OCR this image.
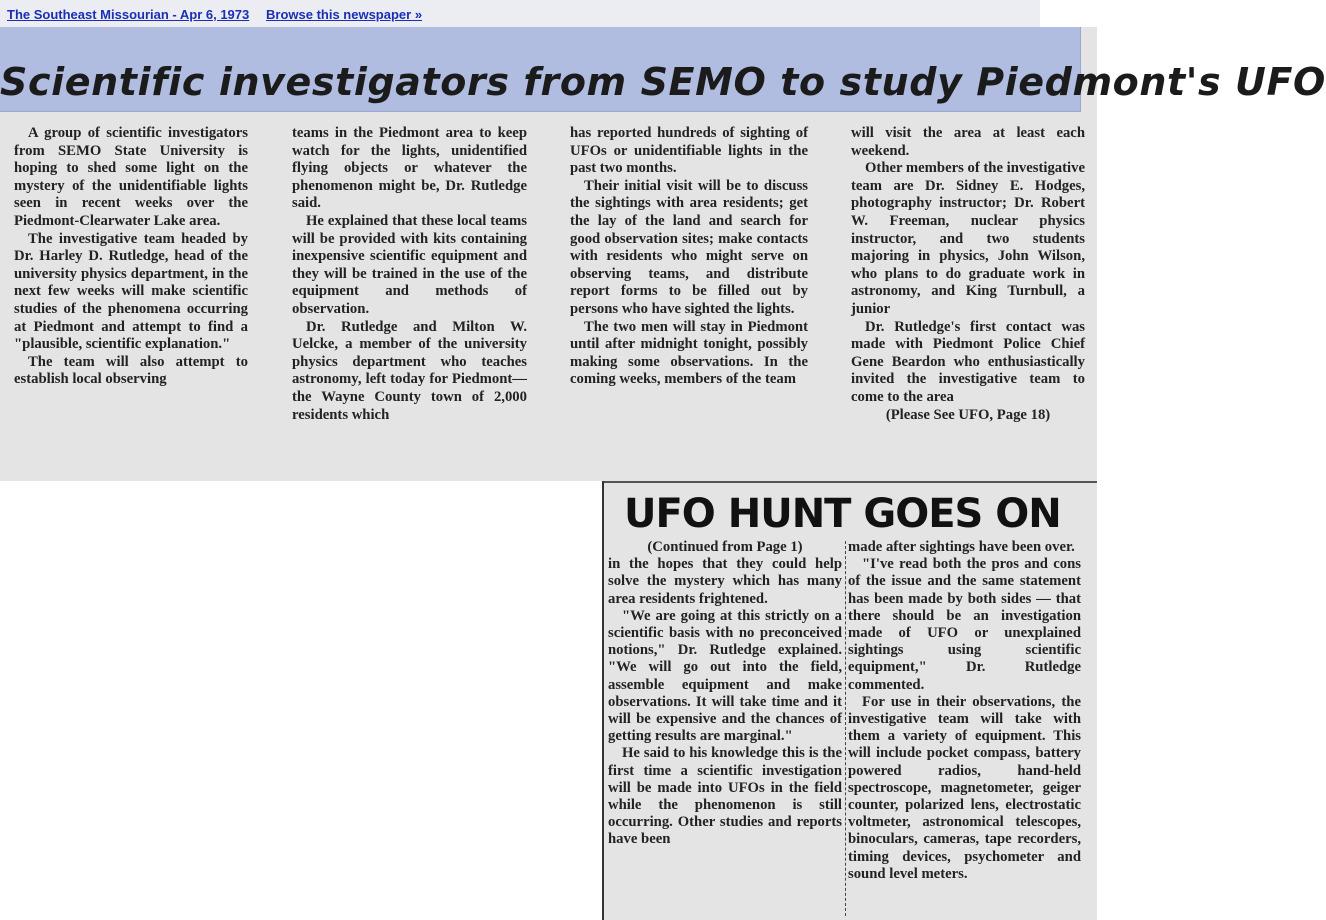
The Southeast Missourian - Apr 6, 1973 Browse this newspaper »
Scientific investigators from SEMO to study Piedmont's UFO

A group of scientific investigators from SEMO State University is hoping to shed some light on the mystery of the unidentifiable lights seen in recent weeks over the Piedmont-Clearwater Lake area.

The investigative team headed by Dr. Harley D. Rutledge, head of the university physics department, in the next few weeks will make scientific studies of the phenomena occurring at Piedmont and attempt to find a "plausible, scientific explanation."

The team will also attempt to establish local observing

teams in the Piedmont area to keep watch for the lights, unidentified flying objects or whatever the phenomenon might be, Dr. Rutledge said.

He explained that these local teams will be provided with kits containing inexpensive scientific equipment and they will be trained in the use of the equipment and methods of observation.

Dr. Rutledge and Milton W. Uelcke, a member of the university physics department who teaches astronomy, left today for Piedmont—the Wayne County town of 2,000 residents which

has reported hundreds of sighting of UFOs or unidentifiable lights in the past two months.

Their initial visit will be to discuss the sightings with area residents; get the lay of the land and search for good observation sites; make contacts with residents who might serve on observing teams, and distribute report forms to be filled out by persons who have sighted the lights.

The two men will stay in Piedmont until after midnight tonight, possibly making some observations. In the coming weeks, members of the team

will visit the area at least each weekend.

Other members of the investigative team are Dr. Sidney E. Hodges, photography instructor; Dr. Robert W. Freeman, nuclear physics instructor, and two students majoring in physics, John Wilson, who plans to do graduate work in astronomy, and King Turnbull, a junior

Dr. Rutledge's first contact was made with Piedmont Police Chief Gene Beardon who enthusiastically invited the investigative team to come to the area

(Please See UFO, Page 18)

UFO HUNT GOES ON

(Continued from Page 1)

in the hopes that they could help solve the mystery which has many area residents frightened.

"We are going at this strictly on a scientific basis with no preconceived notions," Dr. Rutledge explained. "We will go out into the field, assemble equipment and make observations. It will take time and it will be expensive and the chances of getting results are marginal."

He said to his knowledge this is the first time a scientific investigation will be made into UFOs in the field while the phenomenon is still occurring. Other studies and reports have been

made after sightings have been over.

"I've read both the pros and cons of the issue and the same statement has been made by both sides — that there should be an investigation made of UFO or unexplained sightings using scientific equipment," Dr. Rutledge commented.

For use in their observations, the investigative team will take with them a variety of equipment. This will include pocket compass, battery powered radios, hand-held spectroscope, magnetometer, geiger counter, polarized lens, electrostatic voltmeter, astronomical telescopes, binoculars, cameras, tape recorders, timing devices, psychometer and sound level meters.
